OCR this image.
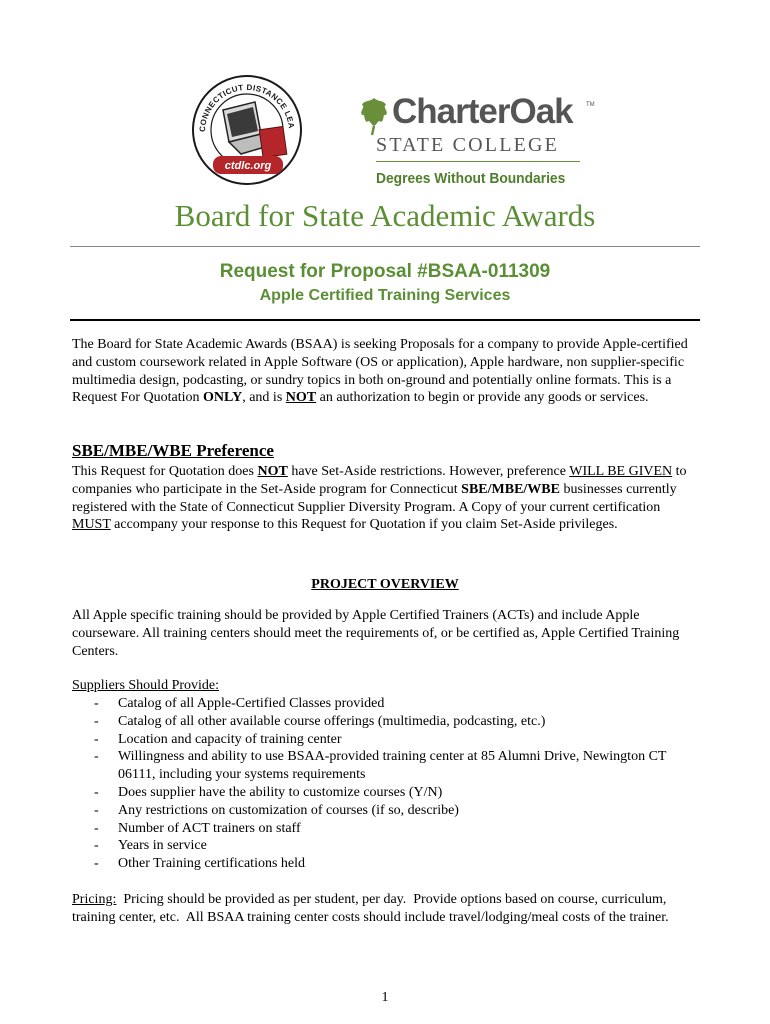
CONNECTICUT DISTANCE LEA
ctdlc.org
CharterOak TM
STATE COLLEGE
Degrees Without Boundaries
Board for State Academic Awards
Request for Proposal #BSAA-011309
Apple Certified Training Services
The Board for State Academic Awards (BSAA) is seeking Proposals for a company to provide Apple-certified and custom coursework related in Apple Software (OS or application), Apple hardware, non supplier-specific multimedia design, podcasting, or sundry topics in both on-ground and potentially online formats. This is a Request For Quotation ONLY, and is NOT an authorization to begin or provide any goods or services.
SBE/MBE/WBE Preference
This Request for Quotation does NOT have Set-Aside restrictions. However, preference WILL BE GIVEN to companies who participate in the Set-Aside program for Connecticut SBE/MBE/WBE businesses currently registered with the State of Connecticut Supplier Diversity Program. A Copy of your current certification MUST accompany your response to this Request for Quotation if you claim Set-Aside privileges.
PROJECT OVERVIEW
All Apple specific training should be provided by Apple Certified Trainers (ACTs) and include Apple courseware. All training centers should meet the requirements of, or be certified as, Apple Certified Training Centers.
Suppliers Should Provide:
- Catalog of all Apple-Certified Classes provided
- Catalog of all other available course offerings (multimedia, podcasting, etc.)
- Location and capacity of training center
- Willingness and ability to use BSAA-provided training center at 85 Alumni Drive, Newington CT 06111, including your systems requirements
- Does supplier have the ability to customize courses (Y/N)
- Any restrictions on customization of courses (if so, describe)
- Number of ACT trainers on staff
- Years in service
- Other Training certifications held
Pricing:  Pricing should be provided as per student, per day.  Provide options based on course, curriculum, training center, etc.  All BSAA training center costs should include travel/lodging/meal costs of the trainer.
1
